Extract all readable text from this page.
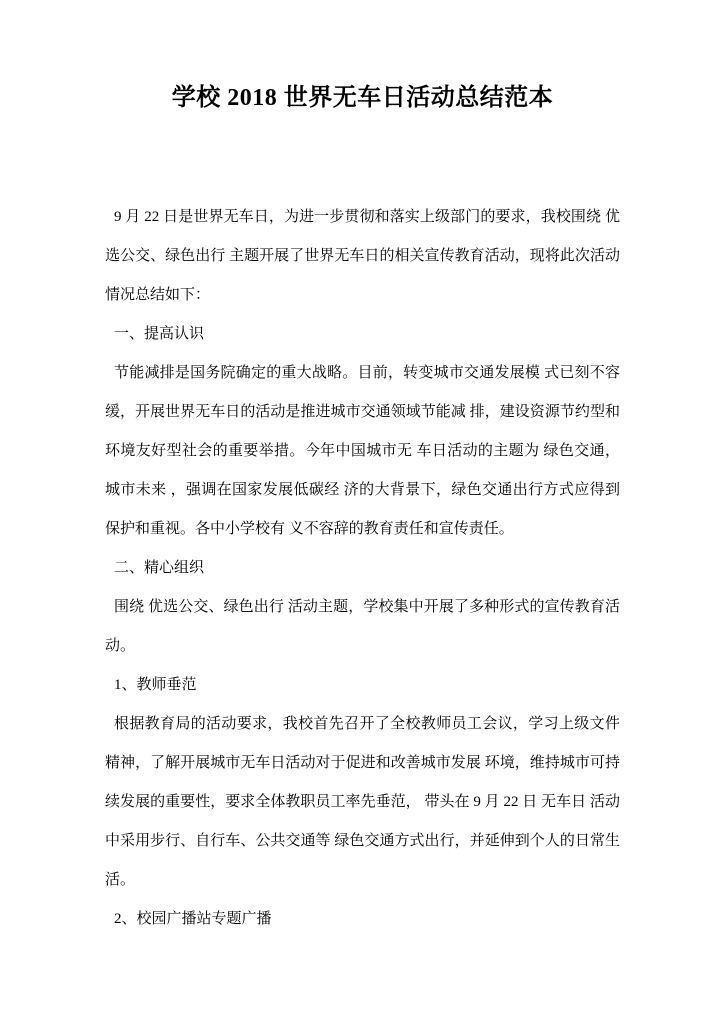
学校 2018 世界无车日活动总结范本

9 月 22 日是世界无车日，为进一步贯彻和落实上级部门的要求，我校围绕 优选公交、绿色出行 主题开展了世界无车日的相关宣传教育活动，现将此次活动情况总结如下：

一、提高认识

节能减排是国务院确定的重大战略。目前，转变城市交通发展模 式已刻不容缓，开展世界无车日的活动是推进城市交通领域节能减 排，建设资源节约型和环境友好型社会的重要举措。今年中国城市无 车日活动的主题为 绿色交通，城市未来 ，强调在国家发展低碳经 济的大背景下，绿色交通出行方式应得到保护和重视。各中小学校有 义不容辞的教育责任和宣传责任。

二、精心组织

围绕 优选公交、绿色出行 活动主题，学校集中开展了多种形式的宣传教育活动。

1、教师垂范

根据教育局的活动要求，我校首先召开了全校教师员工会议，学习上级文件精神，了解开展城市无车日活动对于促进和改善城市发展 环境，维持城市可持续发展的重要性，要求全体教职员工率先垂范， 带头在 9 月 22 日 无车日 活动中采用步行、自行车、公共交通等 绿色交通方式出行，并延伸到个人的日常生活。

2、校园广播站专题广播
